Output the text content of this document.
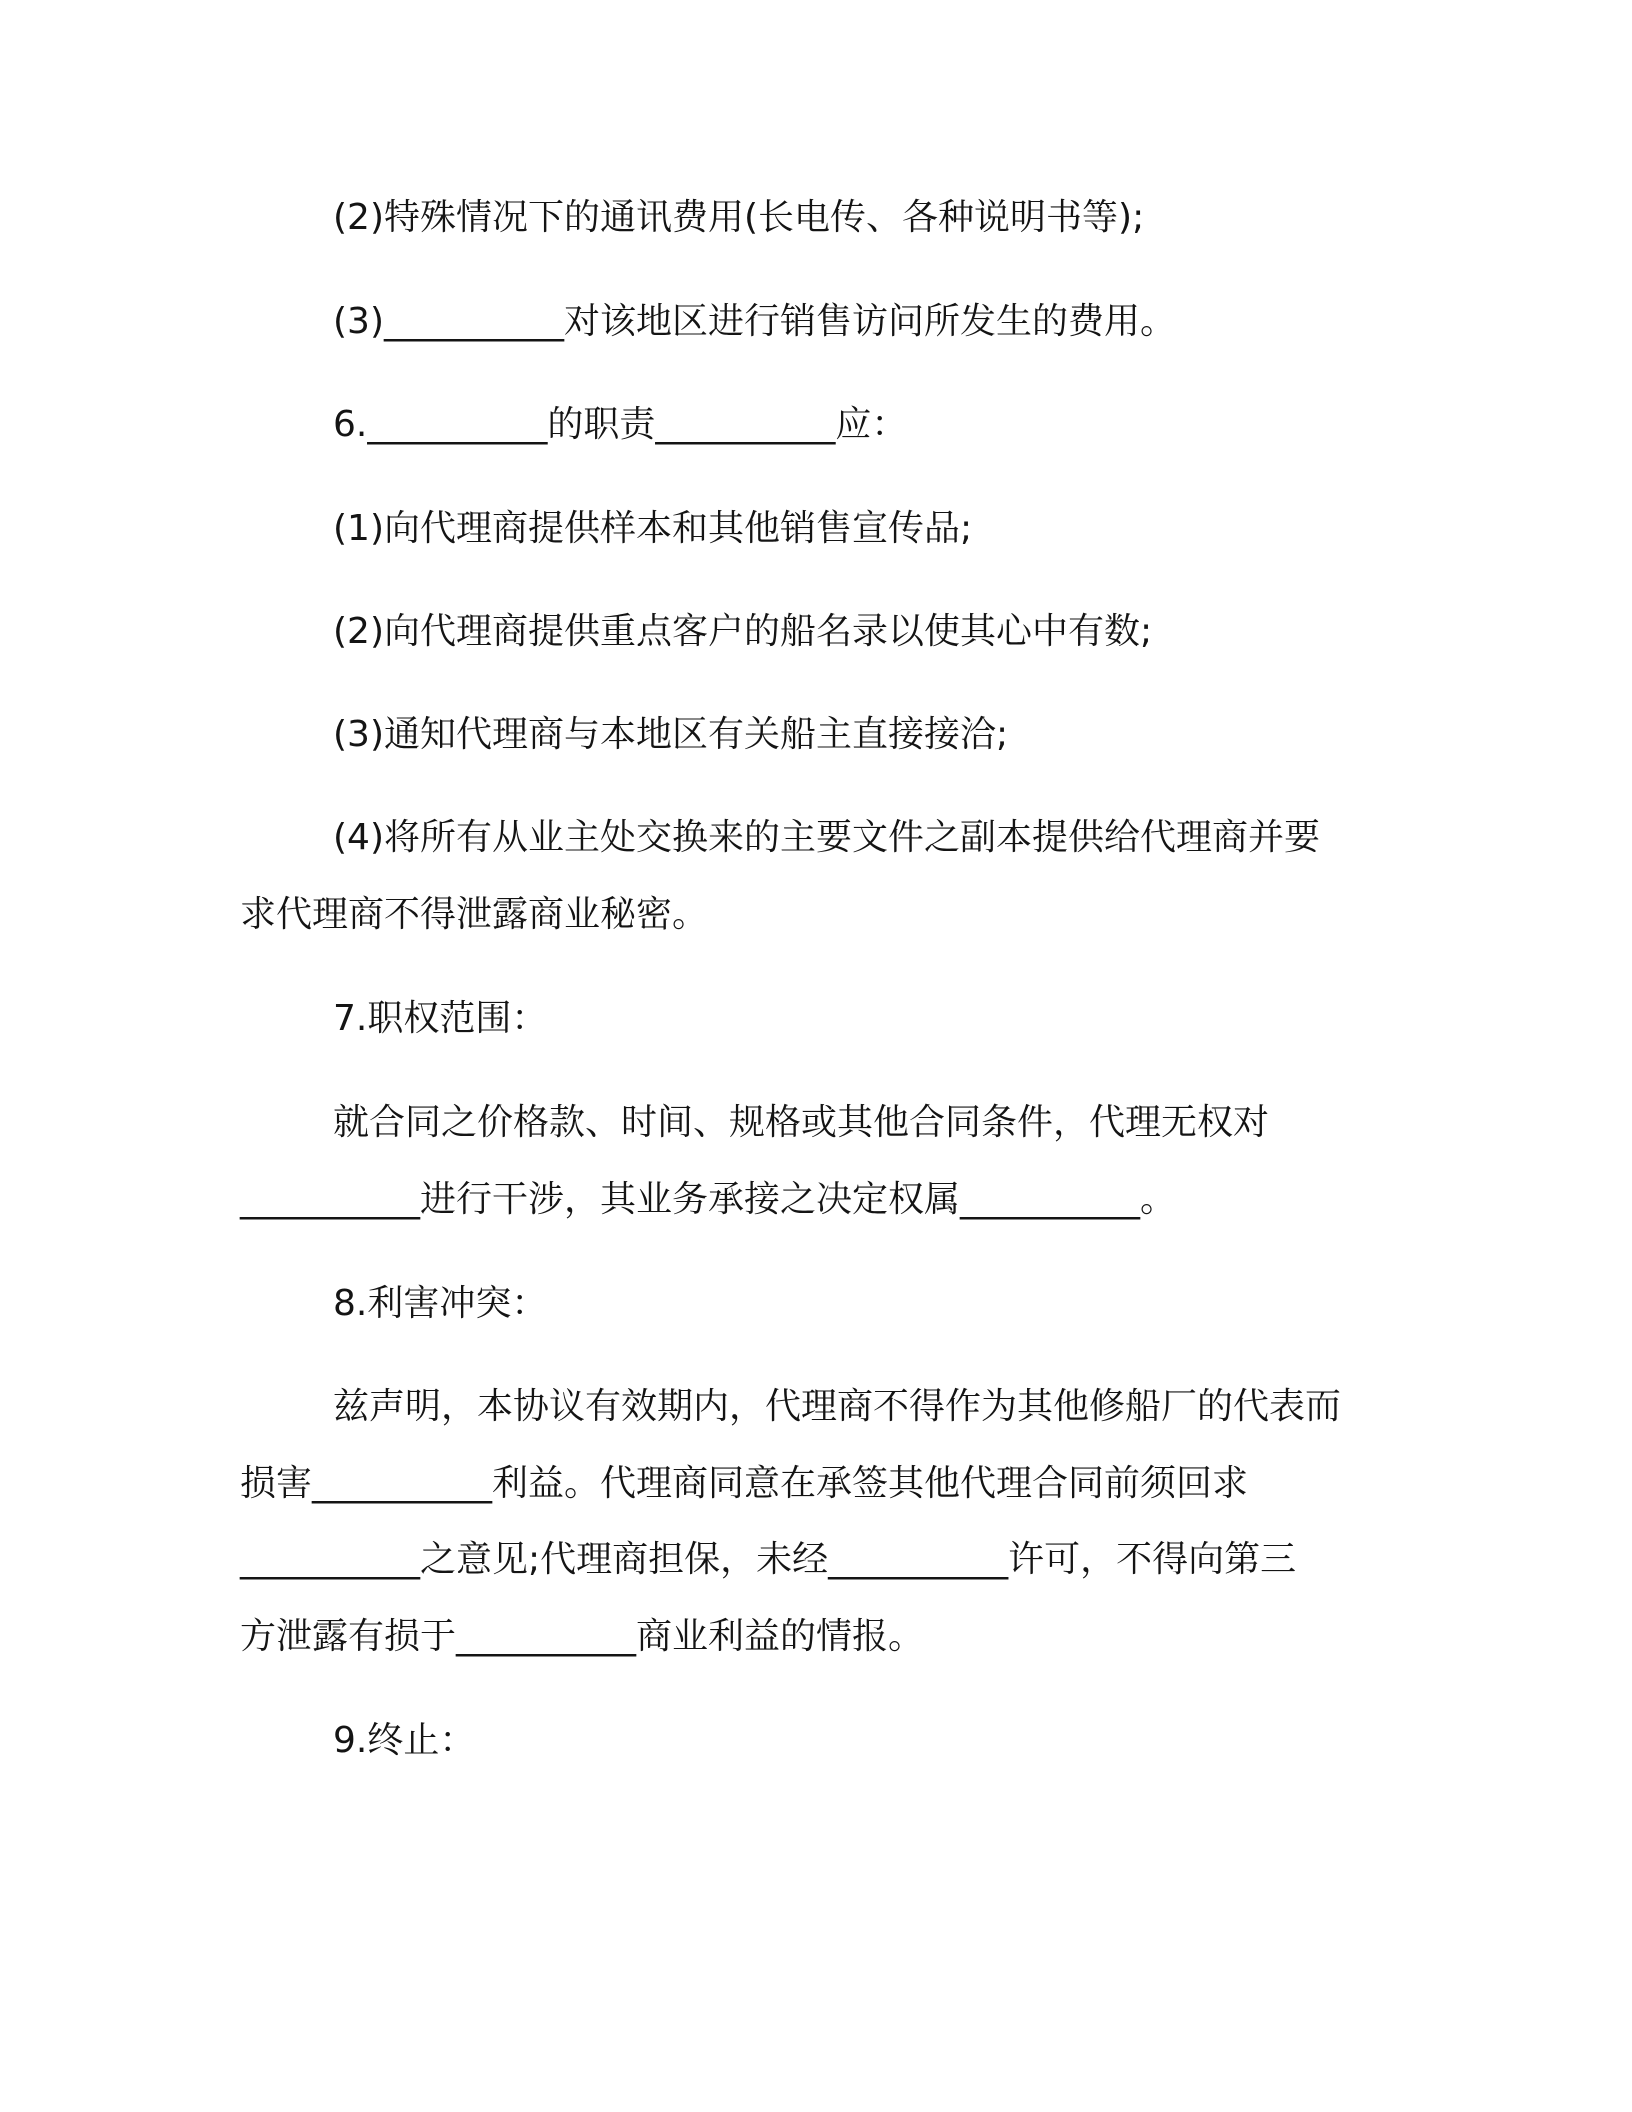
(2)特殊情况下的通讯费用(长电传、各种说明书等);
(3)__________对该地区进行销售访问所发生的费用。
6.__________的职责__________应：
(1)向代理商提供样本和其他销售宣传品;
(2)向代理商提供重点客户的船名录以使其心中有数;
(3)通知代理商与本地区有关船主直接接洽;
(4)将所有从业主处交换来的主要文件之副本提供给代理商并要
求代理商不得泄露商业秘密。
7.职权范围：
就合同之价格款、时间、规格或其他合同条件，代理无权对
__________进行干涉，其业务承接之决定权属__________。
8.利害冲突：
兹声明，本协议有效期内，代理商不得作为其他修船厂的代表而
损害__________利益。代理商同意在承签其他代理合同前须回求
__________之意见;代理商担保，未经__________许可，不得向第三
方泄露有损于__________商业利益的情报。
9.终止：
